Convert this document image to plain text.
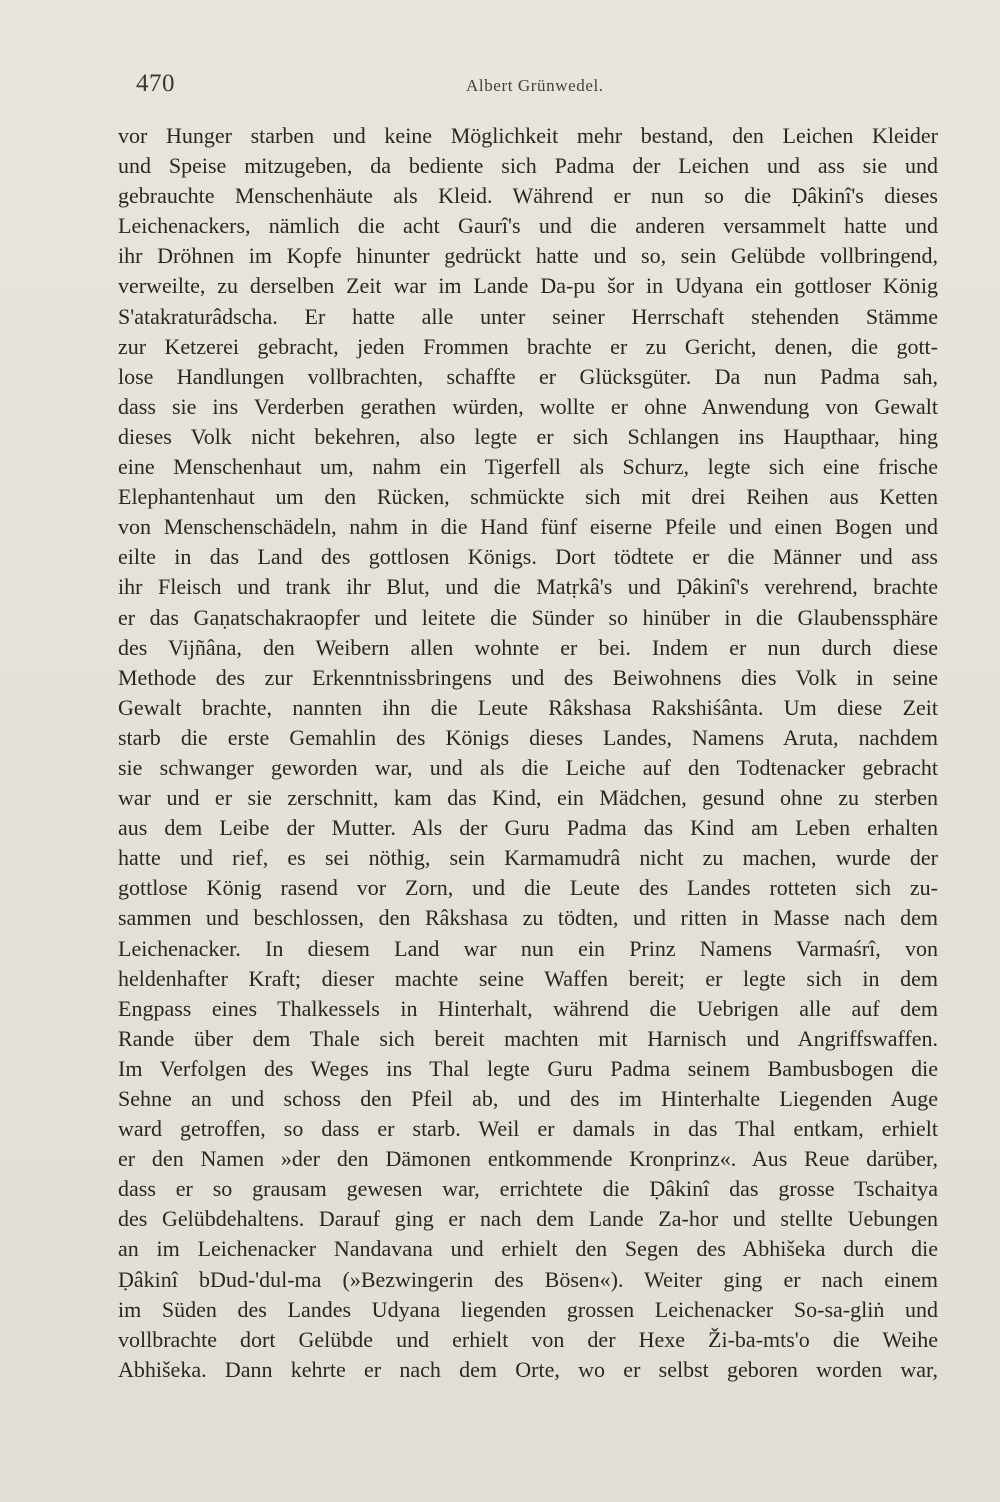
470	Albert Grünwedel.
vor Hunger starben und keine Möglichkeit mehr bestand, den Leichen Kleider
und Speise mitzugeben, da bediente sich Padma der Leichen und ass sie und
gebrauchte Menschenhäute als Kleid. Während er nun so die Ḍâkinî's dieses
Leichenackers, nämlich die acht Gaurî's und die anderen versammelt hatte und
ihr Dröhnen im Kopfe hinunter gedrückt hatte und so, sein Gelübde vollbringend,
verweilte, zu derselben Zeit war im Lande Da-pu šor in Udyana ein gottloser König
S'atakraturâdscha. Er hatte alle unter seiner Herrschaft stehenden Stämme
zur Ketzerei gebracht, jeden Frommen brachte er zu Gericht, denen, die gott-
lose Handlungen vollbrachten, schaffte er Glücksgüter. Da nun Padma sah,
dass sie ins Verderben gerathen würden, wollte er ohne Anwendung von Gewalt
dieses Volk nicht bekehren, also legte er sich Schlangen ins Haupthaar, hing
eine Menschenhaut um, nahm ein Tigerfell als Schurz, legte sich eine frische
Elephantenhaut um den Rücken, schmückte sich mit drei Reihen aus Ketten
von Menschenschädeln, nahm in die Hand fünf eiserne Pfeile und einen Bogen und
eilte in das Land des gottlosen Königs. Dort tödtete er die Männer und ass
ihr Fleisch und trank ihr Blut, und die Matṛkâ's und Ḍâkinî's verehrend, brachte
er das Gaṇatschakraopfer und leitete die Sünder so hinüber in die Glaubenssphäre
des Vijñâna, den Weibern allen wohnte er bei. Indem er nun durch diese
Methode des zur Erkenntnissbringens und des Beiwohnens dies Volk in seine
Gewalt brachte, nannten ihn die Leute Râkshasa Rakshiśânta. Um diese Zeit
starb die erste Gemahlin des Königs dieses Landes, Namens Aruta, nachdem
sie schwanger geworden war, und als die Leiche auf den Todtenacker gebracht
war und er sie zerschnitt, kam das Kind, ein Mädchen, gesund ohne zu sterben
aus dem Leibe der Mutter. Als der Guru Padma das Kind am Leben erhalten
hatte und rief, es sei nöthig, sein Karmamudrâ nicht zu machen, wurde der
gottlose König rasend vor Zorn, und die Leute des Landes rotteten sich zu-
sammen und beschlossen, den Râkshasa zu tödten, und ritten in Masse nach dem
Leichenacker. In diesem Land war nun ein Prinz Namens Varmaśrî, von
heldenhafter Kraft; dieser machte seine Waffen bereit; er legte sich in dem
Engpass eines Thalkessels in Hinterhalt, während die Uebrigen alle auf dem
Rande über dem Thale sich bereit machten mit Harnisch und Angriffswaffen.
Im Verfolgen des Weges ins Thal legte Guru Padma seinem Bambusbogen die
Sehne an und schoss den Pfeil ab, und des im Hinterhalte Liegenden Auge
ward getroffen, so dass er starb. Weil er damals in das Thal entkam, erhielt
er den Namen »der den Dämonen entkommende Kronprinz«. Aus Reue darüber,
dass er so grausam gewesen war, errichtete die Ḍâkinî das grosse Tschaitya
des Gelübdehaltens. Darauf ging er nach dem Lande Za-hor und stellte Uebungen
an im Leichenacker Nandavana und erhielt den Segen des Abhišeka durch die
Ḍâkinî bDud-'dul-ma (»Bezwingerin des Bösen«). Weiter ging er nach einem
im Süden des Landes Udyana liegenden grossen Leichenacker So-sa-gliṅ und
vollbrachte dort Gelübde und erhielt von der Hexe Ži-ba-mts'o die Weihe
Abhišeka. Dann kehrte er nach dem Orte, wo er selbst geboren worden war,
